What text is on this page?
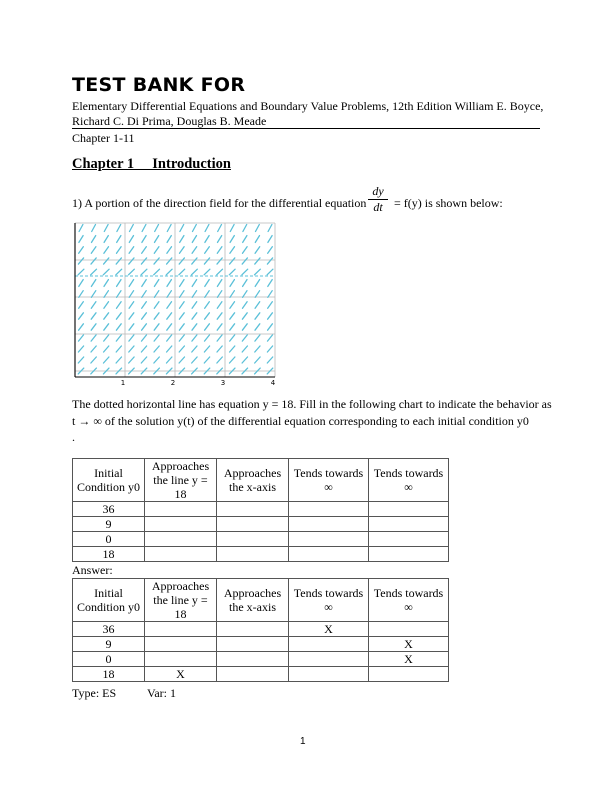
TEST BANK FOR
Elementary Differential Equations and Boundary Value Problems, 12th Edition William E. Boyce, Richard C. Di Prima, Douglas B. Meade
Chapter 1-11
Chapter 1     Introduction
1) A portion of the direction field for the differential equation
dy
dt = f(y) is shown below:
1	2	3	4
The dotted horizontal line has equation y = 18. Fill in the following chart to indicate the behavior as t → ∞ of the solution y(t) of the differential equation corresponding to each initial condition y0
.
Initial Condition y0	Approaches the line y = 18	Approaches the x-axis	Tends towards ∞	Tends towards ∞
36				
9				
0				
18				
Answer:
Initial Condition y0	Approaches the line y = 18	Approaches the x-axis	Tends towards ∞	Tends towards ∞
36			X	
9				X
0				X
18	X			
Type: ES	Var: 1
1
